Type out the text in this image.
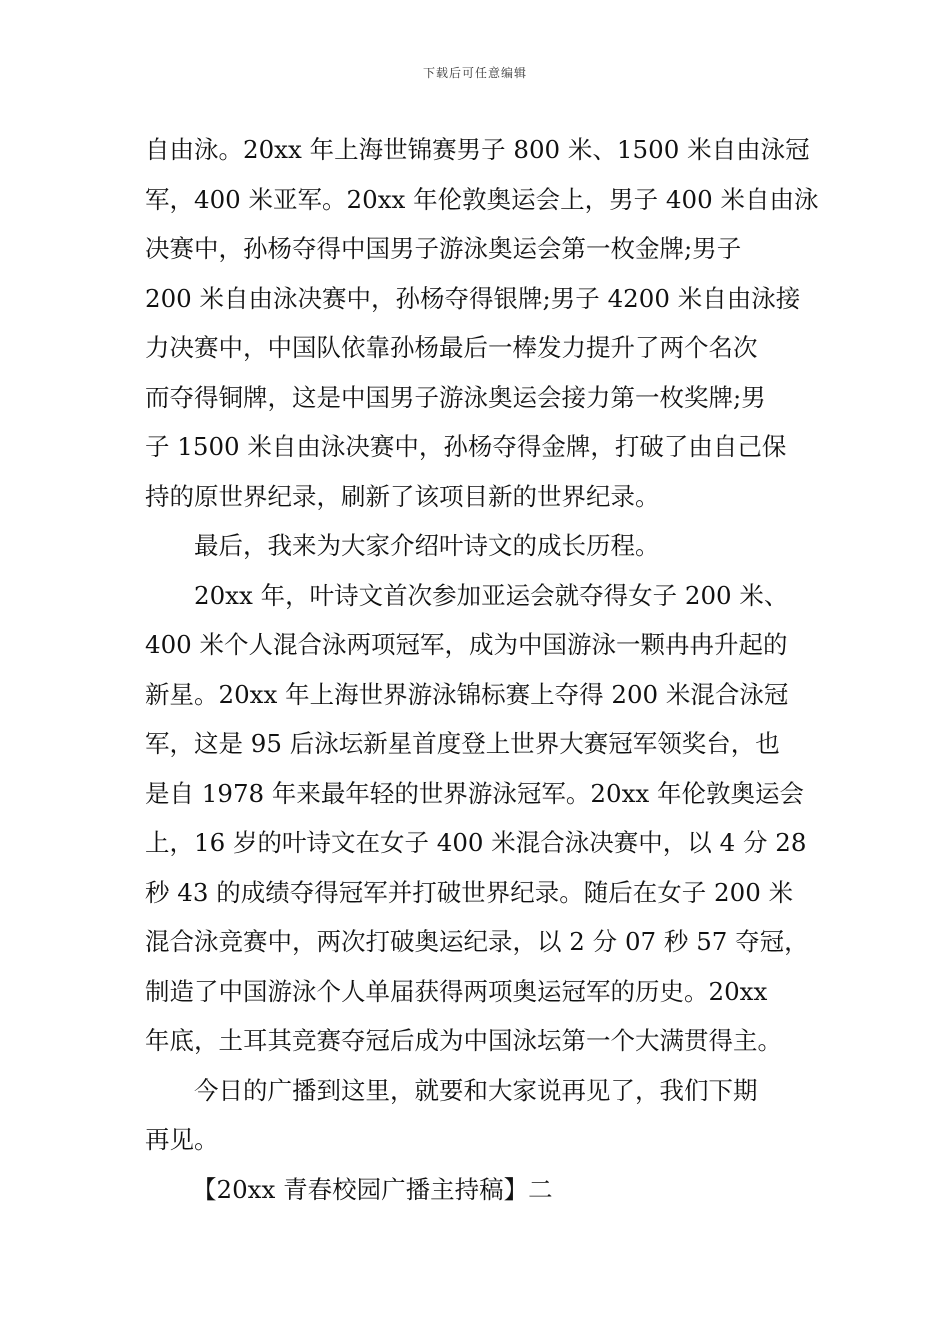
下载后可任意编辑
自由泳。20xx 年上海世锦赛男子 800 米、1500 米自由泳冠
军，400 米亚军。20xx 年伦敦奥运会上，男子 400 米自由泳
决赛中，孙杨夺得中国男子游泳奥运会第一枚金牌;男子
200 米自由泳决赛中，孙杨夺得银牌;男子 4200 米自由泳接
力决赛中，中国队依靠孙杨最后一棒发力提升了两个名次
而夺得铜牌，这是中国男子游泳奥运会接力第一枚奖牌;男
子 1500 米自由泳决赛中，孙杨夺得金牌，打破了由自己保
持的原世界纪录，刷新了该项目新的世界纪录。
最后，我来为大家介绍叶诗文的成长历程。
20xx 年，叶诗文首次参加亚运会就夺得女子 200 米、
400 米个人混合泳两项冠军，成为中国游泳一颗冉冉升起的
新星。20xx 年上海世界游泳锦标赛上夺得 200 米混合泳冠
军，这是 95 后泳坛新星首度登上世界大赛冠军领奖台，也
是自 1978 年来最年轻的世界游泳冠军。20xx 年伦敦奥运会
上，16 岁的叶诗文在女子 400 米混合泳决赛中，以 4 分 28
秒 43 的成绩夺得冠军并打破世界纪录。随后在女子 200 米
混合泳竞赛中，两次打破奥运纪录，以 2 分 07 秒 57 夺冠，
制造了中国游泳个人单届获得两项奥运冠军的历史。20xx
年底，土耳其竞赛夺冠后成为中国泳坛第一个大满贯得主。
今日的广播到这里，就要和大家说再见了，我们下期
再见。
【20xx 青春校园广播主持稿】二
